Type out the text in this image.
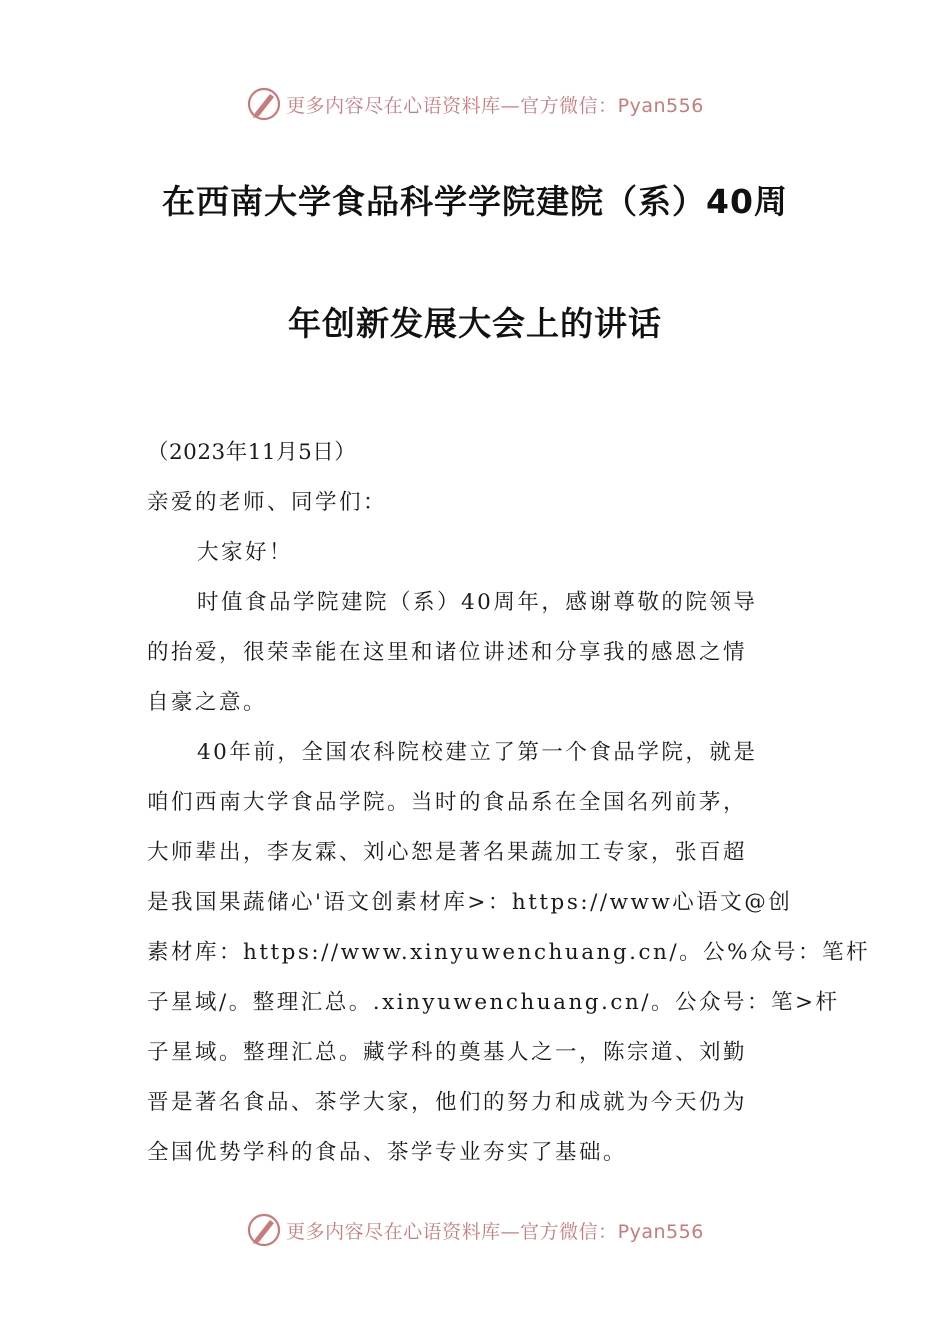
更多内容尽在心语资料库—官方微信：Pyan556
在西南大学食品科学学院建院（系）40周
年创新发展大会上的讲话
（2023年11月5日）
亲爱的老师、同学们：
大家好！
时值食品学院建院（系）40周年，感谢尊敬的院领导
的抬爱，很荣幸能在这里和诸位讲述和分享我的感恩之情
自豪之意。
40年前，全国农科院校建立了第一个食品学院，就是
咱们西南大学食品学院。当时的食品系在全国名列前茅，
大师辈出，李友霖、刘心恕是著名果蔬加工专家，张百超
是我国果蔬储心'语文创素材库>：https://www心语文@创
素材库：https://www.xinyuwenchuang.cn/。公%众号：笔杆
子星域/。整理汇总。.xinyuwenchuang.cn/。公众号：笔>杆
子星域。整理汇总。藏学科的奠基人之一，陈宗道、刘勤
晋是著名食品、茶学大家，他们的努力和成就为今天仍为
全国优势学科的食品、茶学专业夯实了基础。
更多内容尽在心语资料库—官方微信：Pyan556
